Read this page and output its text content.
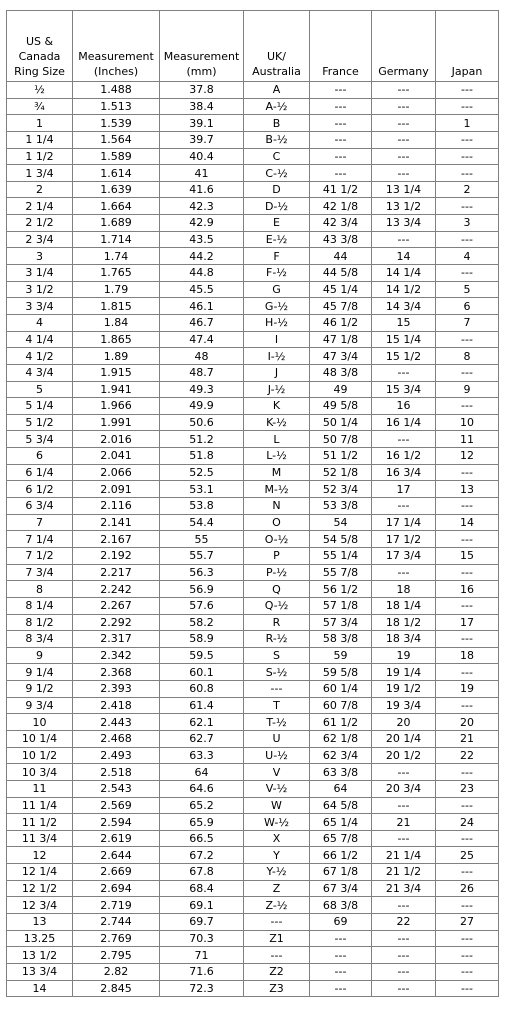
US & Canada Ring Size	Measurement (Inches)	Measurement (mm)	UK/ Australia	France	Germany	Japan
½	1.488	37.8	A	---	---	---
¾	1.513	38.4	A-½	---	---	---
1	1.539	39.1	B	---	---	1
1 1/4	1.564	39.7	B-½	---	---	---
1 1/2	1.589	40.4	C	---	---	---
1 3/4	1.614	41	C-½	---	---	---
2	1.639	41.6	D	41 1/2	13 1/4	2
2 1/4	1.664	42.3	D-½	42 1/8	13 1/2	---
2 1/2	1.689	42.9	E	42 3/4	13 3/4	3
2 3/4	1.714	43.5	E-½	43 3/8	---	---
3	1.74	44.2	F	44	14	4
3 1/4	1.765	44.8	F-½	44 5/8	14 1/4	---
3 1/2	1.79	45.5	G	45 1/4	14 1/2	5
3 3/4	1.815	46.1	G-½	45 7/8	14 3/4	6
4	1.84	46.7	H-½	46 1/2	15	7
4 1/4	1.865	47.4	I	47 1/8	15 1/4	---
4 1/2	1.89	48	I-½	47 3/4	15 1/2	8
4 3/4	1.915	48.7	J	48 3/8	---	---
5	1.941	49.3	J-½	49	15 3/4	9
5 1/4	1.966	49.9	K	49 5/8	16	---
5 1/2	1.991	50.6	K-½	50 1/4	16 1/4	10
5 3/4	2.016	51.2	L	50 7/8	---	11
6	2.041	51.8	L-½	51 1/2	16 1/2	12
6 1/4	2.066	52.5	M	52 1/8	16 3/4	---
6 1/2	2.091	53.1	M-½	52 3/4	17	13
6 3/4	2.116	53.8	N	53 3/8	---	---
7	2.141	54.4	O	54	17 1/4	14
7 1/4	2.167	55	O-½	54 5/8	17 1/2	---
7 1/2	2.192	55.7	P	55 1/4	17 3/4	15
7 3/4	2.217	56.3	P-½	55 7/8	---	---
8	2.242	56.9	Q	56 1/2	18	16
8 1/4	2.267	57.6	Q-½	57 1/8	18 1/4	---
8 1/2	2.292	58.2	R	57 3/4	18 1/2	17
8 3/4	2.317	58.9	R-½	58 3/8	18 3/4	---
9	2.342	59.5	S	59	19	18
9 1/4	2.368	60.1	S-½	59 5/8	19 1/4	---
9 1/2	2.393	60.8	---	60 1/4	19 1/2	19
9 3/4	2.418	61.4	T	60 7/8	19 3/4	---
10	2.443	62.1	T-½	61 1/2	20	20
10 1/4	2.468	62.7	U	62 1/8	20 1/4	21
10 1/2	2.493	63.3	U-½	62 3/4	20 1/2	22
10 3/4	2.518	64	V	63 3/8	---	---
11	2.543	64.6	V-½	64	20 3/4	23
11 1/4	2.569	65.2	W	64 5/8	---	---
11 1/2	2.594	65.9	W-½	65 1/4	21	24
11 3/4	2.619	66.5	X	65 7/8	---	---
12	2.644	67.2	Y	66 1/2	21 1/4	25
12 1/4	2.669	67.8	Y-½	67 1/8	21 1/2	---
12 1/2	2.694	68.4	Z	67 3/4	21 3/4	26
12 3/4	2.719	69.1	Z-½	68 3/8	---	---
13	2.744	69.7	---	69	22	27
13.25	2.769	70.3	Z1	---	---	---
13 1/2	2.795	71	---	---	---	---
13 3/4	2.82	71.6	Z2	---	---	---
14	2.845	72.3	Z3	---	---	---
